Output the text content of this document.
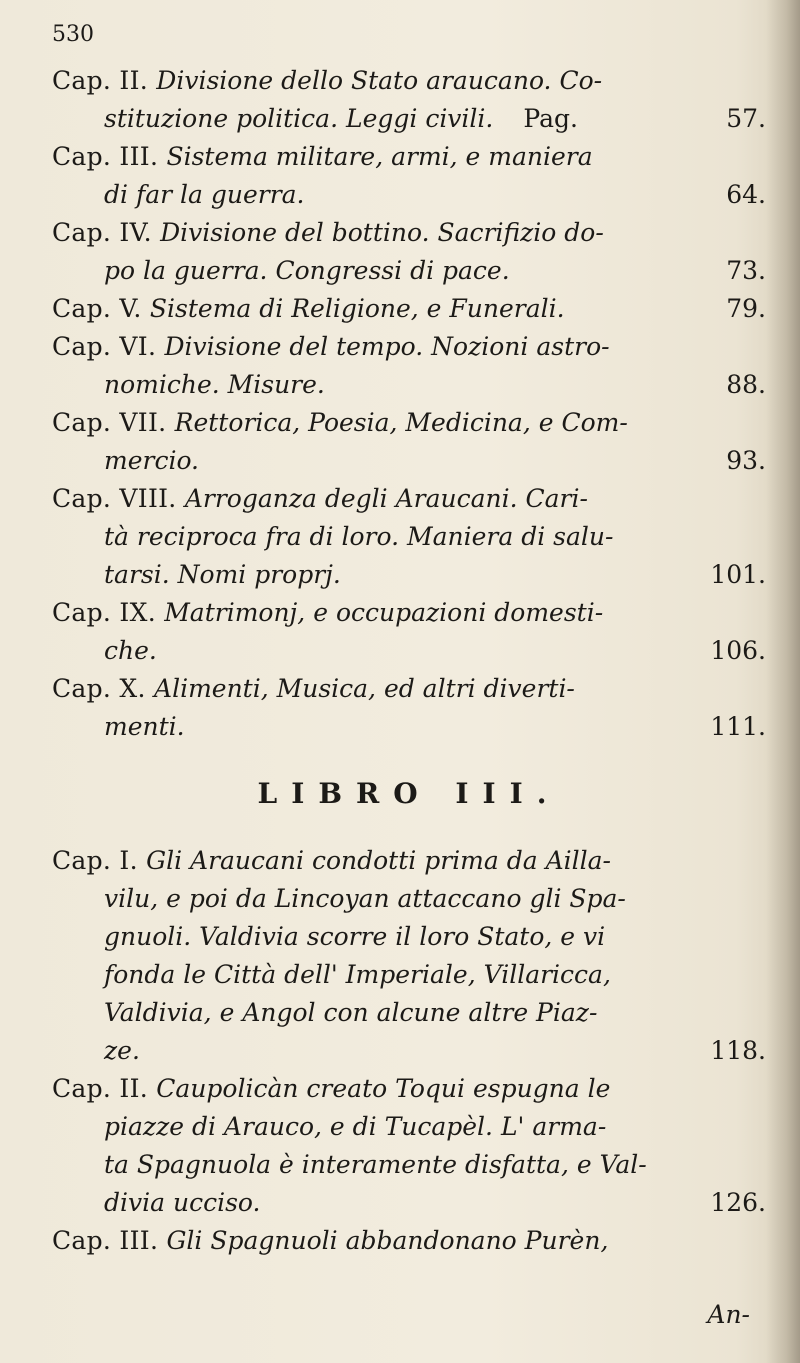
530
Cap. II. Divisione dello Stato araucano. Co-
stituzione politica. Leggi civili. Pag.	57.
Cap. III. Sistema militare, armi, e maniera
di far la guerra.	64.
Cap. IV. Divisione del bottino. Sacrifizio do-
po la guerra. Congressi di pace.	73.
Cap. V. Sistema di Religione, e Funerali.	79.
Cap. VI. Divisione del tempo. Nozioni astro-
nomiche. Misure.	88.
Cap. VII. Rettorica, Poesia, Medicina, e Com-
mercio.	93.
Cap. VIII. Arroganza degli Araucani. Cari-
tà reciproca fra di loro. Maniera di salu-
tarsi. Nomi proprj.	101.
Cap. IX. Matrimonj, e occupazioni domesti-
che.	106.
Cap. X. Alimenti, Musica, ed altri diverti-
menti.	111.
LIBRO III.
Cap. I. Gli Araucani condotti prima da Ailla-
vilu, e poi da Lincoyan attaccano gli Spa-
gnuoli. Valdivia scorre il loro Stato, e vi
fonda le Città dell' Imperiale, Villaricca,
Valdivia, e Angol con alcune altre Piaz-
ze.	118.
Cap. II. Caupolicàn creato Toqui espugna le
piazze di Arauco, e di Tucapèl. L' arma-
ta Spagnuola è interamente disfatta, e Val-
divia ucciso.	126.
Cap. III. Gli Spagnuoli abbandonano Purèn,
An-
